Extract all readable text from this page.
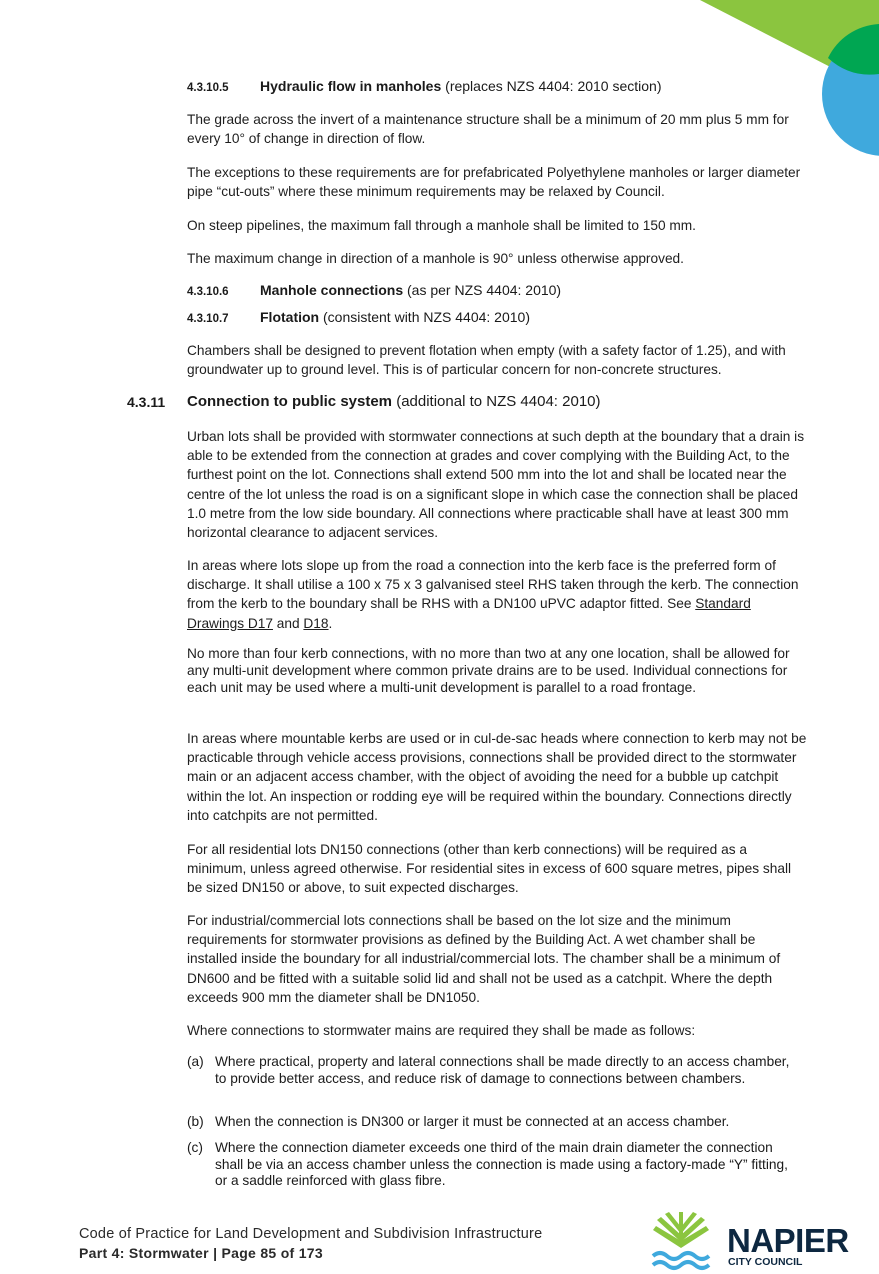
4.3.10.5 Hydraulic flow in manholes (replaces NZS 4404: 2010 section)

The grade across the invert of a maintenance structure shall be a minimum of 20 mm plus 5 mm for every 10° of change in direction of flow.

The exceptions to these requirements are for prefabricated Polyethylene manholes or larger diameter pipe “cut-outs” where these minimum requirements may be relaxed by Council.

On steep pipelines, the maximum fall through a manhole shall be limited to 150 mm.

The maximum change in direction of a manhole is 90° unless otherwise approved.

4.3.10.6 Manhole connections (as per NZS 4404: 2010)
4.3.10.7 Flotation (consistent with NZS 4404: 2010)

Chambers shall be designed to prevent flotation when empty (with a safety factor of 1.25), and with groundwater up to ground level. This is of particular concern for non-concrete structures.

4.3.11 Connection to public system (additional to NZS 4404: 2010)

Urban lots shall be provided with stormwater connections at such depth at the boundary that a drain is able to be extended from the connection at grades and cover complying with the Building Act, to the furthest point on the lot. Connections shall extend 500 mm into the lot and shall be located near the centre of the lot unless the road is on a significant slope in which case the connection shall be placed 1.0 metre from the low side boundary. All connections where practicable shall have at least 300 mm horizontal clearance to adjacent services.

In areas where lots slope up from the road a connection into the kerb face is the preferred form of discharge. It shall utilise a 100 x 75 x 3 galvanised steel RHS taken through the kerb. The connection from the kerb to the boundary shall be RHS with a DN100 uPVC adaptor fitted. See Standard Drawings D17 and D18.

No more than four kerb connections, with no more than two at any one location, shall be allowed for any multi-unit development where common private drains are to be used. Individual connections for each unit may be used where a multi-unit development is parallel to a road frontage.

In areas where mountable kerbs are used or in cul-de-sac heads where connection to kerb may not be practicable through vehicle access provisions, connections shall be provided direct to the stormwater main or an adjacent access chamber, with the object of avoiding the need for a bubble up catchpit within the lot. An inspection or rodding eye will be required within the boundary. Connections directly into catchpits are not permitted.

For all residential lots DN150 connections (other than kerb connections) will be required as a minimum, unless agreed otherwise. For residential sites in excess of 600 square metres, pipes shall be sized DN150 or above, to suit expected discharges.

For industrial/commercial lots connections shall be based on the lot size and the minimum requirements for stormwater provisions as defined by the Building Act. A wet chamber shall be installed inside the boundary for all industrial/commercial lots. The chamber shall be a minimum of DN600 and be fitted with a suitable solid lid and shall not be used as a catchpit. Where the depth exceeds 900 mm the diameter shall be DN1050.

Where connections to stormwater mains are required they shall be made as follows:

(a) Where practical, property and lateral connections shall be made directly to an access chamber, to provide better access, and reduce risk of damage to connections between chambers.
(b) When the connection is DN300 or larger it must be connected at an access chamber.
(c) Where the connection diameter exceeds one third of the main drain diameter the connection shall be via an access chamber unless the connection is made using a factory-made “Y” fitting, or a saddle reinforced with glass fibre.
Code of Practice for Land Development and Subdivision Infrastructure
Part 4: Stormwater | Page 85 of 173	NAPIER
CITY COUNCIL
